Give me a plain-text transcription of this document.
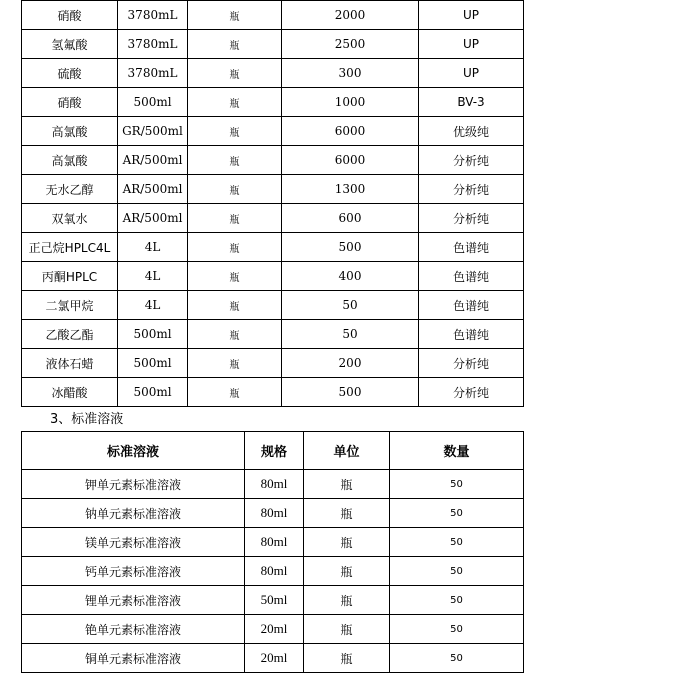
硝酸	3780mL	瓶	2000	UP
氢氟酸	3780mL	瓶	2500	UP
硫酸	3780mL	瓶	300	UP
硝酸	500ml	瓶	1000	BV-3
高氯酸	GR/500ml	瓶	6000	优级纯
高氯酸	AR/500ml	瓶	6000	分析纯
无水乙醇	AR/500ml	瓶	1300	分析纯
双氧水	AR/500ml	瓶	600	分析纯
正己烷HPLC4L	4L	瓶	500	色谱纯
丙酮HPLC	4L	瓶	400	色谱纯
二氯甲烷	4L	瓶	50	色谱纯
乙酸乙酯	500ml	瓶	50	色谱纯
液体石蜡	500ml	瓶	200	分析纯
冰醋酸	500ml	瓶	500	分析纯
3、标准溶液
标准溶液	规格	单位	数量
钾单元素标准溶液	80ml	瓶	50
钠单元素标准溶液	80ml	瓶	50
镁单元素标准溶液	80ml	瓶	50
钙单元素标准溶液	80ml	瓶	50
锂单元素标准溶液	50ml	瓶	50
铯单元素标准溶液	20ml	瓶	50
铜单元素标准溶液	20ml	瓶	50
